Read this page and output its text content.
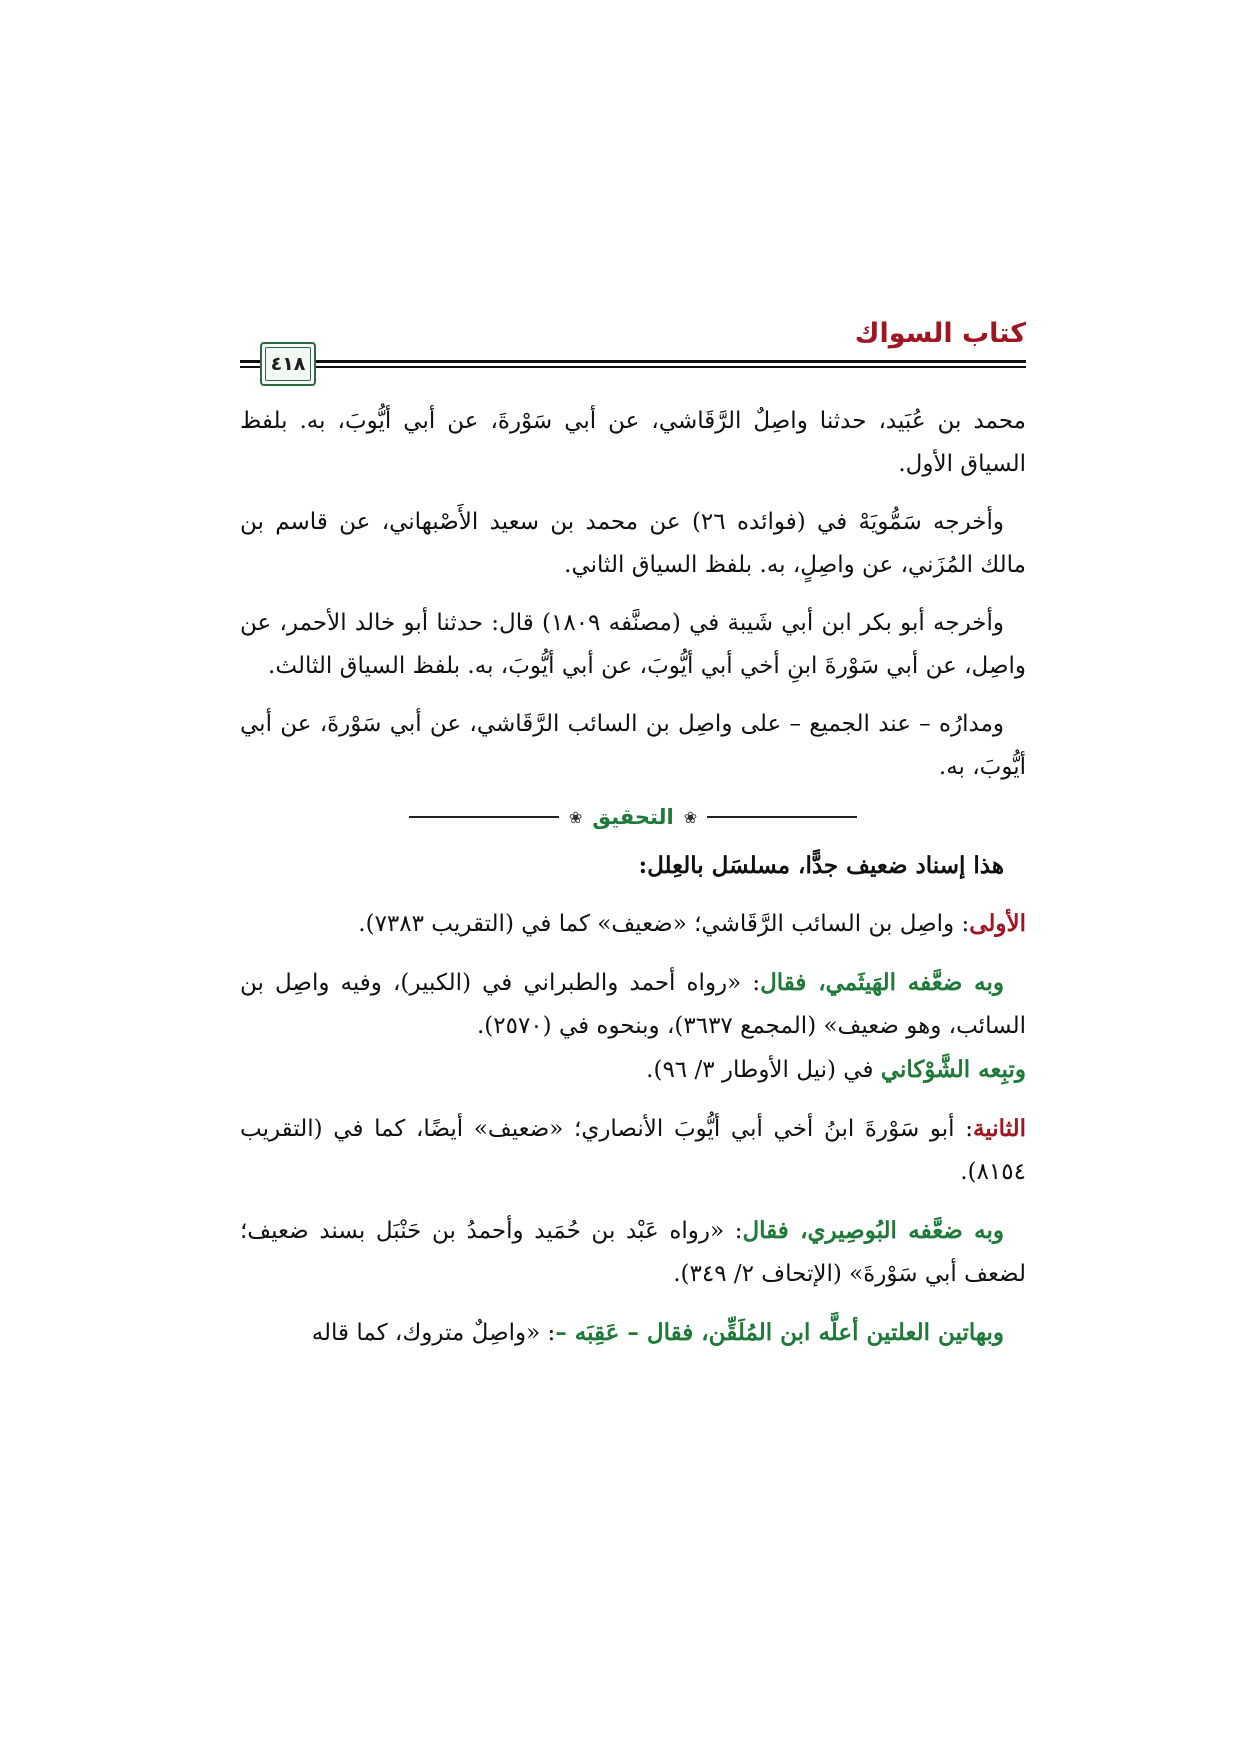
كتاب السواك
٤١٨

محمد بن عُبَيد، حدثنا واصِلٌ الرَّقَاشي، عن أبي سَوْرةَ، عن أبي أيُّوبَ، به. بلفظ السياق الأول.

وأخرجه سَمُّويَهْ في (فوائده ٢٦) عن محمد بن سعيد الأَصْبهاني، عن قاسم بن مالك المُزَني، عن واصِلٍ، به. بلفظ السياق الثاني.

وأخرجه أبو بكر ابن أبي شَيبة في (مصنَّفه ١٨٠٩) قال: حدثنا أبو خالد الأحمر، عن واصِل، عن أبي سَوْرةَ ابنِ أخي أبي أيُّوبَ، عن أبي أيُّوبَ، به. بلفظ السياق الثالث.

ومدارُه – عند الجميع – على واصِل بن السائب الرَّقَاشي، عن أبي سَوْرةَ، عن أبي أيُّوبَ، به.

❀
التحقيق
❀

هذا إسناد ضعيف جدًّا، مسلسَل بالعِلل:

الأولى: واصِل بن السائب الرَّقَاشي؛ «ضعيف» كما في (التقريب ٧٣٨٣).

وبه ضعَّفه الهَيثَمي، فقال: «رواه أحمد والطبراني في (الكبير)، وفيه واصِل بن السائب، وهو ضعيف» (المجمع ٣٦٣٧)، وبنحوه في (٢٥٧٠).
وتبِعه الشَّوْكاني في (نيل الأوطار ٣/ ٩٦).

الثانية: أبو سَوْرةَ ابنُ أخي أبي أيُّوبَ الأنصاري؛ «ضعيف» أيضًا، كما في (التقريب ٨١٥٤).

وبه ضعَّفه البُوصِيري، فقال: «رواه عَبْد بن حُمَيد وأحمدُ بن حَنْبَل بسند ضعيف؛ لضعف أبي سَوْرةَ» (الإتحاف ٢/ ٣٤٩).

وبهاتين العلتين أعلَّه ابن المُلَقِّن، فقال – عَقِبَه –: «واصِلٌ متروك، كما قاله
